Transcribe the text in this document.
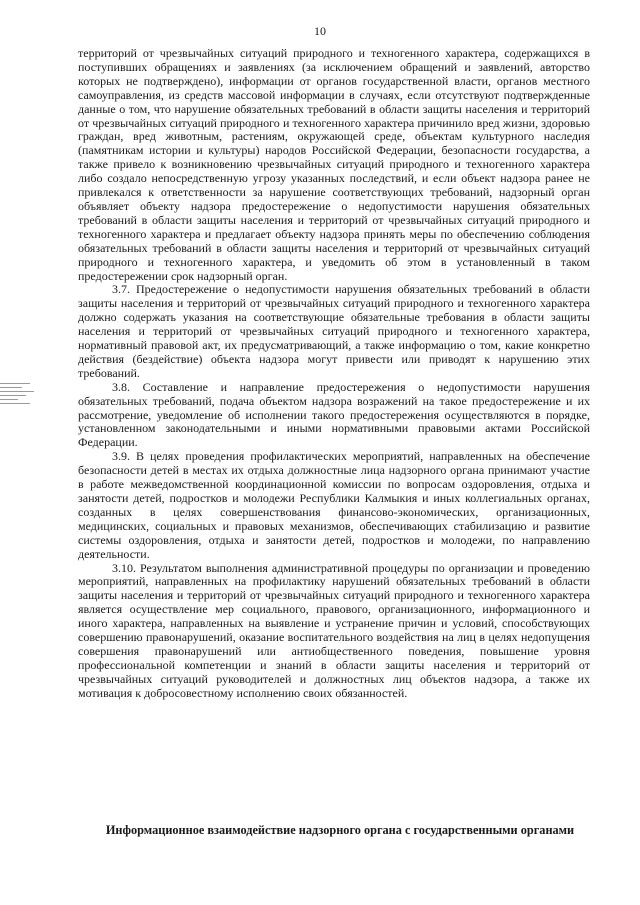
10

территорий от чрезвычайных ситуаций природного и техногенного характера, содержащихся в поступивших обращениях и заявлениях (за исключением обращений и заявлений, авторство которых не подтверждено), информации от органов государственной власти, органов местного самоуправления, из средств массовой информации в случаях, если отсутствуют подтвержденные данные о том, что нарушение обязательных требований в области защиты населения и территорий от чрезвычайных ситуаций природного и техногенного характера причинило вред жизни, здоровью граждан, вред животным, растениям, окружающей среде, объектам культурного наследия (памятникам истории и культуры) народов Российской Федерации, безопасности государства, а также привело к возникновению чрезвычайных ситуаций природного и техногенного характера либо создало непосредственную угрозу указанных последствий, и если объект надзора ранее не привлекался к ответственности за нарушение соответствующих требований, надзорный орган объявляет объекту надзора предостережение о недопустимости нарушения обязательных требований в области защиты населения и территорий от чрезвычайных ситуаций природного и техногенного характера и предлагает объекту надзора принять меры по обеспечению соблюдения обязательных требований в области защиты населения и территорий от чрезвычайных ситуаций природного и техногенного характера, и уведомить об этом в установленный в таком предостережении срок надзорный орган.

3.7. Предостережение о недопустимости нарушения обязательных требований в области защиты населения и территорий от чрезвычайных ситуаций природного и техногенного характера должно содержать указания на соответствующие обязательные требования в области защиты населения и территорий от чрезвычайных ситуаций природного и техногенного характера, нормативный правовой акт, их предусматривающий, а также информацию о том, какие конкретно действия (бездействие) объекта надзора могут привести или приводят к нарушению этих требований.

3.8. Составление и направление предостережения о недопустимости нарушения обязательных требований, подача объектом надзора возражений на такое предостережение и их рассмотрение, уведомление об исполнении такого предостережения осуществляются в порядке, установленном законодательными и иными нормативными правовыми актами Российской Федерации.

3.9. В целях проведения профилактических мероприятий, направленных на обеспечение безопасности детей в местах их отдыха должностные лица надзорного органа принимают участие в работе межведомственной координационной комиссии по вопросам оздоровления, отдыха и занятости детей, подростков и молодежи Республики Калмыкия и иных коллегиальных органах, созданных в целях совершенствования финансово-экономических, организационных, медицинских, социальных и правовых механизмов, обеспечивающих стабилизацию и развитие системы оздоровления, отдыха и занятости детей, подростков и молодежи, по направлению деятельности.

3.10. Результатом выполнения административной процедуры по организации и проведению мероприятий, направленных на профилактику нарушений обязательных требований в области защиты населения и территорий от чрезвычайных ситуаций природного и техногенного характера является осуществление мер социального, правового, организационного, информационного и иного характера, направленных на выявление и устранение причин и условий, способствующих совершению правонарушений, оказание воспитательного воздействия на лиц в целях недопущения совершения правонарушений или антиобщественного поведения, повышение уровня профессиональной компетенции и знаний в области защиты населения и территорий от чрезвычайных ситуаций руководителей и должностных лиц объектов надзора, а также их мотивация к добросовестному исполнению своих обязанностей.

Информационное взаимодействие надзорного органа с государственными органами
